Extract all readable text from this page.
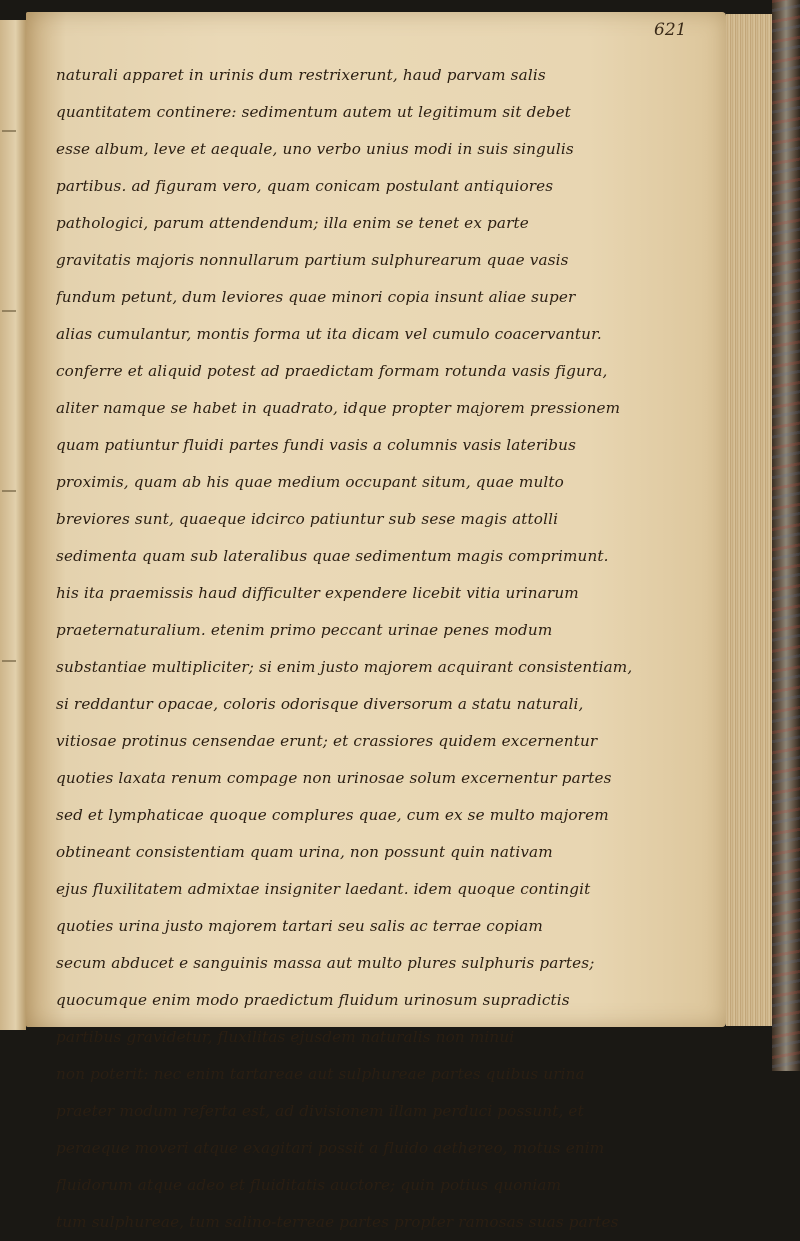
621
naturali apparet in urinis dum restrixerunt, haud parvam salis
quantitatem continere: sedimentum autem ut legitimum sit debet
esse album, leve et aequale, uno verbo unius modi in suis singulis
partibus. ad figuram vero, quam conicam postulant antiquiores
pathologici, parum attendendum; illa enim se tenet ex parte
gravitatis majoris nonnullarum partium sulphurearum quae vasis
fundum petunt, dum leviores quae minori copia insunt aliae super
alias cumulantur, montis forma ut ita dicam vel cumulo coacervantur.
conferre et aliquid potest ad praedictam formam rotunda vasis figura,
aliter namque se habet in quadrato, idque propter majorem pressionem
quam patiuntur fluidi partes fundi vasis a columnis vasis lateribus
proximis, quam ab his quae medium occupant situm, quae multo
breviores sunt, quaeque idcirco patiuntur sub sese magis attolli
sedimenta quam sub lateralibus quae sedimentum magis comprimunt.
his ita praemissis haud difficulter expendere licebit vitia urinarum
praeternaturalium. etenim primo peccant urinae penes modum
substantiae multipliciter; si enim justo majorem acquirant consistentiam,
si reddantur opacae, coloris odorisque diversorum a statu naturali,
vitiosae protinus censendae erunt; et crassiores quidem excernentur
quoties laxata renum compage non urinosae solum excernentur partes
sed et lymphaticae quoque complures quae, cum ex se multo majorem
obtineant consistentiam quam urina, non possunt quin nativam
ejus fluxilitatem admixtae insigniter laedant. idem quoque contingit
quoties urina justo majorem tartari seu salis ac terrae copiam
secum abducet e sanguinis massa aut multo plures sulphuris partes;
quocumque enim modo praedictum fluidum urinosum supradictis
partibus gravidetur, fluxilitas ejusdem naturalis non minui
non poterit: nec enim tartareae aut sulphureae partes quibus urina
praeter modum referta est, ad divisionem illam perduci possunt, et
peraeque moveri atque exagitari possit a fluido aethereo, motus enim
fluidorum atque adeo et fluiditatis auctore; quin potius quoniam
tum sulphureae, tum salino-terreae partes propter ramosas suas partes
